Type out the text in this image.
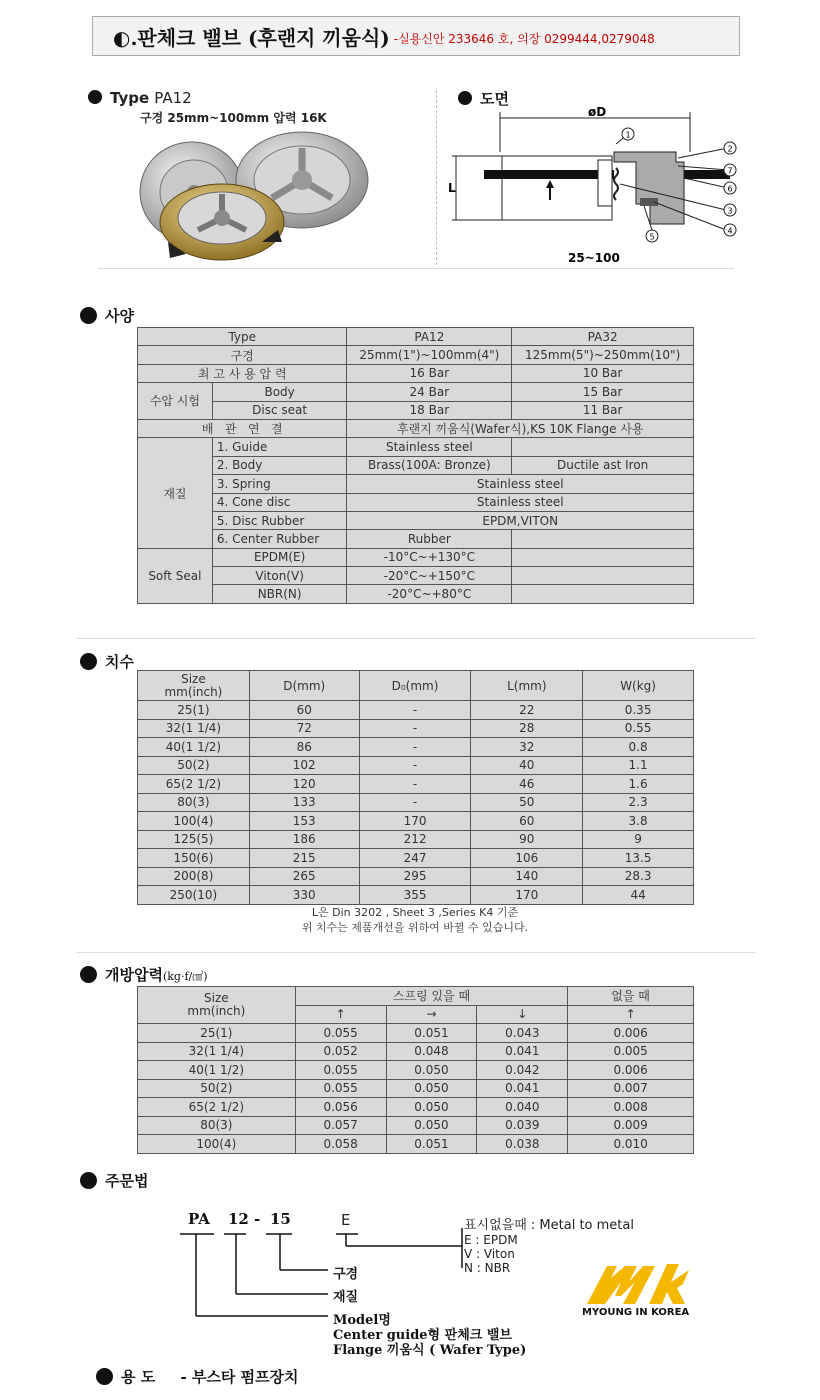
◐.판체크 밸브 (후랜지 끼움식) -실용신안 233646 호, 의장 0299444,0279048
Type PA12
구경 25mm~100mm 압력 16K
도면
øD
L
1
2
7
6
3
4
5
25~100
사양
Type		PA12	PA32
구경		25mm(1")~100mm(4")	125mm(5")~250mm(10")
최 고 사 용 압 력		16 Bar	10 Bar
수압 시험	Body	24 Bar	15 Bar
	Disc seat	18 Bar	11 Bar
배   관   연   결		후랜지 끼움식(Wafer식),KS 10K Flange 사용	
재질	1. Guide	Stainless steel	
	2. Body	Brass(100A: Bronze)	Ductile ast Iron
	3. Spring	Stainless steel	
	4. Cone disc	Stainless steel	
	5. Disc Rubber	EPDM,VITON	
	6. Center Rubber	Rubber	
Soft Seal	EPDM(E)	-10°C~+130°C	
	Viton(V)	-20°C~+150°C	
	NBR(N)	-20°C~+80°C	
치수
Size
mm(inch)	D(mm)	D₀(mm)	L(mm)	W(kg)
25(1)	60	-	22	0.35
32(1 1/4)	72	-	28	0.55
40(1 1/2)	86	-	32	0.8
50(2)	102	-	40	1.1
65(2 1/2)	120	-	46	1.6
80(3)	133	-	50	2.3
100(4)	153	170	60	3.8
125(5)	186	212	90	9
150(6)	215	247	106	13.5
200(8)	265	295	140	28.3
250(10)	330	355	170	44
L은 Din 3202 , Sheet 3 ,Series K4 기준
위 치수는 제품개선을 위하여 바뀔 수 있습니다.
개방압력(kg·f/㎠)
Size
mm(inch)	스프링 있을 때			없을 때
	↑	→	↓	↑
25(1)	0.055	0.051	0.043	0.006
32(1 1/4)	0.052	0.048	0.041	0.005
40(1 1/2)	0.055	0.050	0.042	0.006
50(2)	0.055	0.050	0.041	0.007
65(2 1/2)	0.056	0.050	0.040	0.008
80(3)	0.057	0.050	0.039	0.009
100(4)	0.058	0.051	0.038	0.010
주문법
PA 12 - 15	E	표시없을때 : Metal to metal
E : EPDM
V : Viton
N : NBR
구경
재질
Model명
Center guide형 판체크 밸브
Flange 끼움식 ( Wafer Type)
MYOUNG IN KOREA
용 도 - 부스타 펌프장치
